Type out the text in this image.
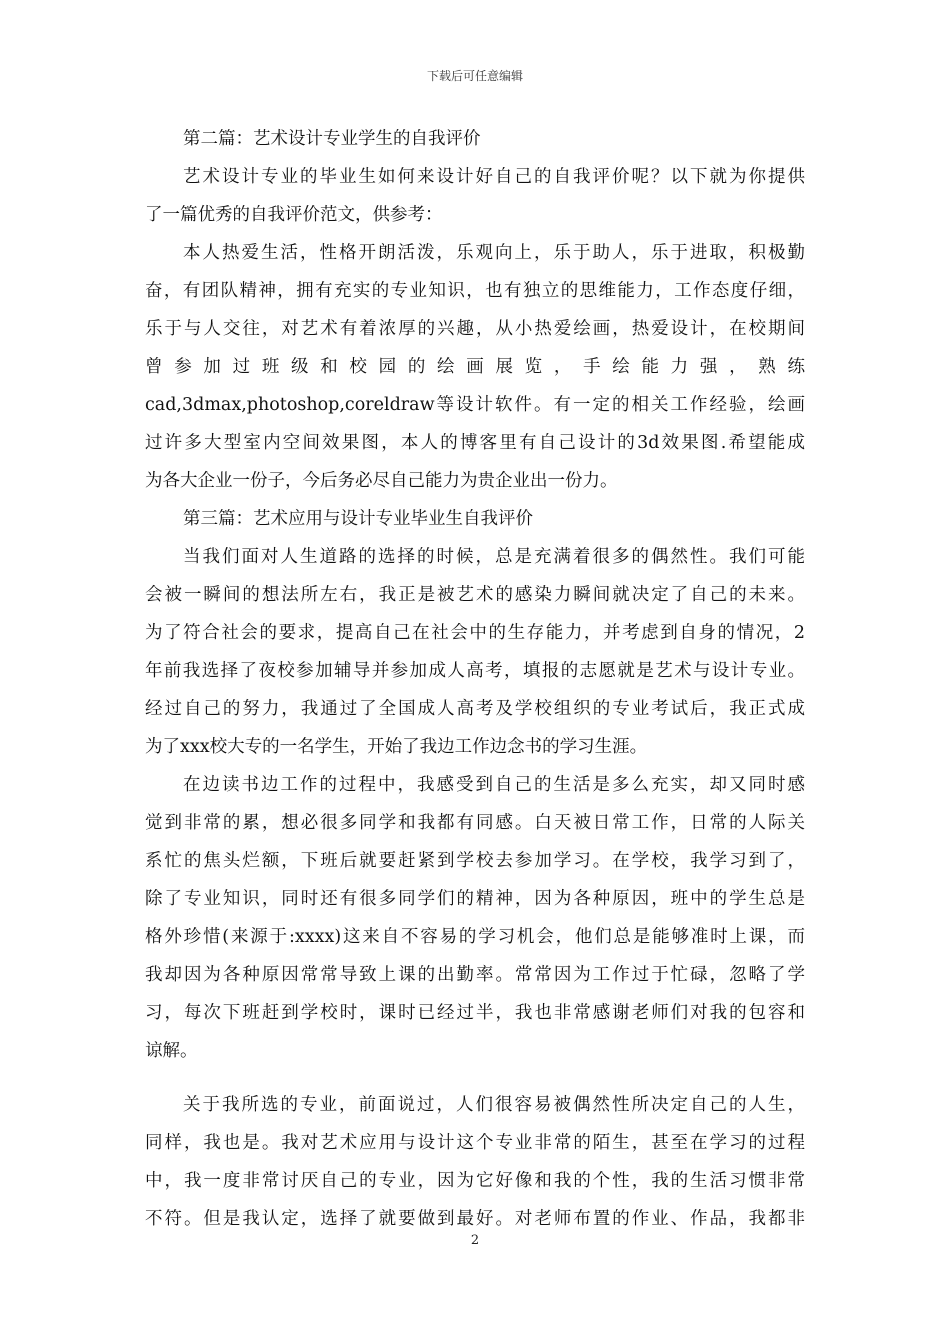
下载后可任意编辑
第二篇：艺术设计专业学生的自我评价
艺术设计专业的毕业生如何来设计好自己的自我评价呢？以下就为你提供
了一篇优秀的自我评价范文，供参考：
本人热爱生活，性格开朗活泼，乐观向上，乐于助人，乐于进取，积极勤
奋，有团队精神，拥有充实的专业知识，也有独立的思维能力，工作态度仔细，
乐于与人交往，对艺术有着浓厚的兴趣，从小热爱绘画，热爱设计，在校期间
曾参加过班级和校园的绘画展览，手绘能力强，熟练
cad,3dmax,photoshop,coreldraw等设计软件。有一定的相关工作经验，绘画
过许多大型室内空间效果图，本人的博客里有自己设计的3d效果图.希望能成
为各大企业一份子，今后务必尽自己能力为贵企业出一份力。
第三篇：艺术应用与设计专业毕业生自我评价
当我们面对人生道路的选择的时候，总是充满着很多的偶然性。我们可能
会被一瞬间的想法所左右，我正是被艺术的感染力瞬间就决定了自己的未来。
为了符合社会的要求，提高自己在社会中的生存能力，并考虑到自身的情况，2
年前我选择了夜校参加辅导并参加成人高考，填报的志愿就是艺术与设计专业。
经过自己的努力，我通过了全国成人高考及学校组织的专业考试后，我正式成
为了xxx校大专的一名学生，开始了我边工作边念书的学习生涯。
在边读书边工作的过程中，我感受到自己的生活是多么充实，却又同时感
觉到非常的累，想必很多同学和我都有同感。白天被日常工作，日常的人际关
系忙的焦头烂额，下班后就要赶紧到学校去参加学习。在学校，我学习到了，
除了专业知识，同时还有很多同学们的精神，因为各种原因，班中的学生总是
格外珍惜(来源于:xxxx)这来自不容易的学习机会，他们总是能够准时上课，而
我却因为各种原因常常导致上课的出勤率。常常因为工作过于忙碌，忽略了学
习，每次下班赶到学校时，课时已经过半，我也非常感谢老师们对我的包容和
谅解。
关于我所选的专业，前面说过，人们很容易被偶然性所决定自己的人生，
同样，我也是。我对艺术应用与设计这个专业非常的陌生，甚至在学习的过程
中，我一度非常讨厌自己的专业，因为它好像和我的个性，我的生活习惯非常
不符。但是我认定，选择了就要做到最好。对老师布置的作业、作品，我都非
2
